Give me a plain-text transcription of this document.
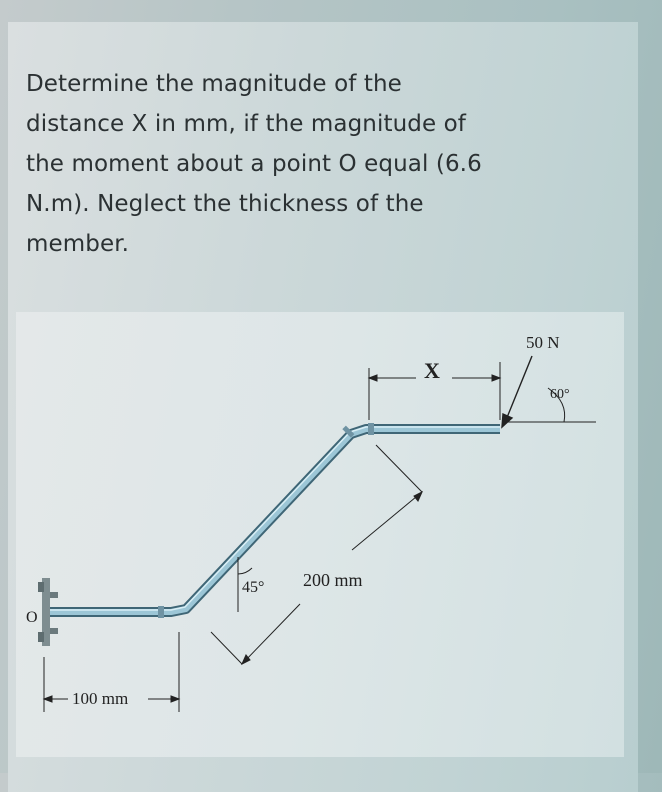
Determine the magnitude of the
distance X in mm, if the magnitude of
the moment about a point O equal (6.6
N.m). Neglect the thickness of the
member.

O
100 mm
45° 200 mm
X
50 N
60°
